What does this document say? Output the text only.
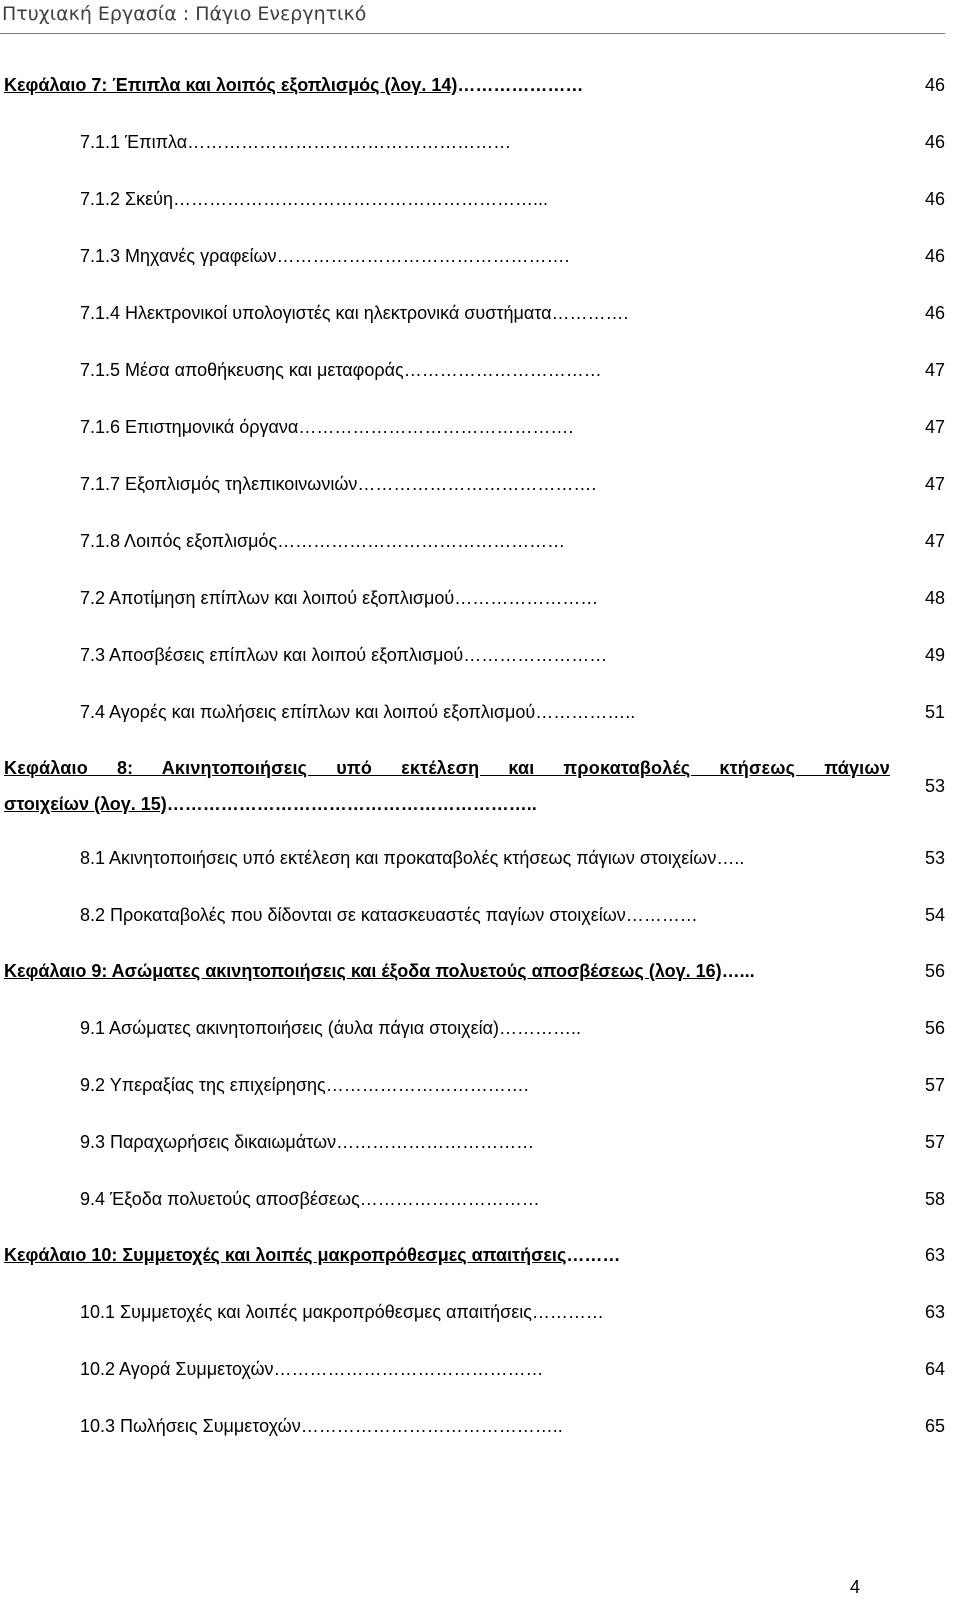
Πτυχιακή Εργασία : Πάγιο Ενεργητικό
Κεφάλαιο 7: Έπιπλα και λοιπός εξοπλισμός (λογ. 14)…………………	46
7.1.1 Έπιπλα………………………………………………	46
7.1.2 Σκεύη……………………………………………………...	46
7.1.3 Μηχανές γραφείων………………………………………….	46
7.1.4 Ηλεκτρονικοί υπολογιστές και ηλεκτρονικά συστήματα………….	46
7.1.5 Μέσα αποθήκευσης και μεταφοράς……………………………	47
7.1.6 Επιστημονικά όργανα……………………………………….	47
7.1.7 Εξοπλισμός τηλεπικοινωνιών………………………………….	47
7.1.8 Λοιπός εξοπλισμός…………………………………………	47
7.2 Αποτίμηση επίπλων και λοιπού εξοπλισμού……………………	48
7.3 Αποσβέσεις επίπλων και λοιπού εξοπλισμού……………………	49
7.4 Αγορές και πωλήσεις επίπλων και λοιπού εξοπλισμού……………..	51
Κεφάλαιο 8: Ακινητοποιήσεις υπό εκτέλεση και προκαταβολές κτήσεως πάγιων
στοιχείων (λογ. 15)……………………………………………………..
53
8.1 Ακινητοποιήσεις υπό εκτέλεση και προκαταβολές κτήσεως πάγιων στοιχείων…..	53
8.2 Προκαταβολές που δίδονται σε κατασκευαστές παγίων στοιχείων…………	54
Κεφάλαιο 9: Ασώματες ακινητοποιήσεις και έξοδα πολυετούς αποσβέσεως (λογ. 16)…...	56
9.1 Ασώματες ακινητοποιήσεις (άυλα πάγια στοιχεία)…………..	56
9.2 Υπεραξίας της επιχείρησης…………………………….	57
9.3 Παραχωρήσεις δικαιωμάτων……………………………	57
9.4 Έξοδα πολυετούς αποσβέσεως…………………………	58
Κεφάλαιο 10: Συμμετοχές και λοιπές μακροπρόθεσμες απαιτήσεις………	63
10.1 Συμμετοχές και λοιπές μακροπρόθεσμες απαιτήσεις…………	63
10.2 Αγορά Συμμετοχών………………………………………	64
10.3 Πωλήσεις Συμμετοχών……………………………………..	65
4
